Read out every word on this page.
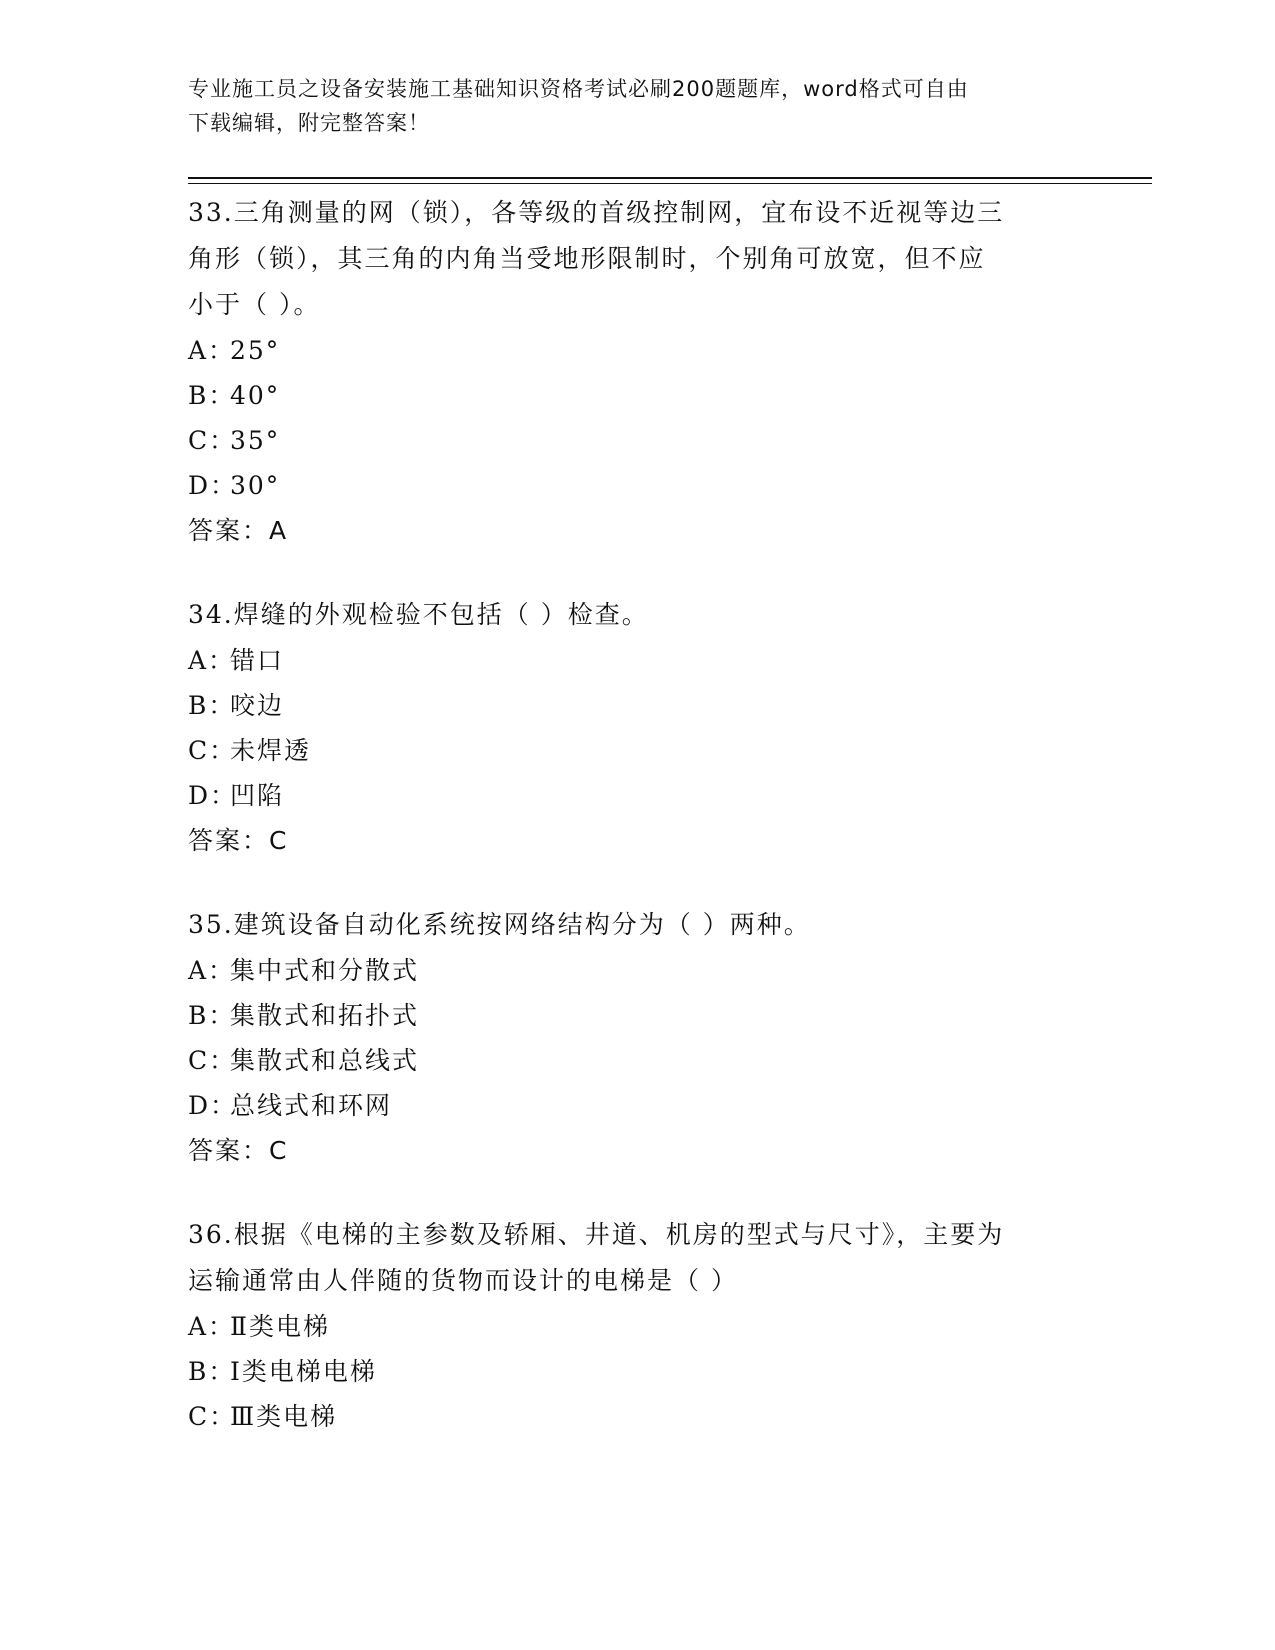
专业施工员之设备安装施工基础知识资格考试必刷200题题库，word格式可自由
下载编辑，附完整答案！
33.三角测量的网（锁），各等级的首级控制网，宜布设不近视等边三
角形（锁），其三角的内角当受地形限制时，个别角可放宽，但不应
小于（ ）。
A：
25°
B：
40°
C：
35°
D：
30°
答案：A
34.焊缝的外观检验不包括（ ）检查。
A：
错口
B：
咬边
C：
未焊透
D：
凹陷
答案：C
35.建筑设备自动化系统按网络结构分为（ ）两种。
A：
集中式和分散式
B：
集散式和拓扑式
C：
集散式和总线式
D：
总线式和环网
答案：C
36.根据《电梯的主参数及轿厢、井道、机房的型式与尺寸》，主要为
运输通常由人伴随的货物而设计的电梯是（ ）
A：
Ⅱ类电梯
B：
Ⅰ类电梯电梯
C：
Ⅲ类电梯
